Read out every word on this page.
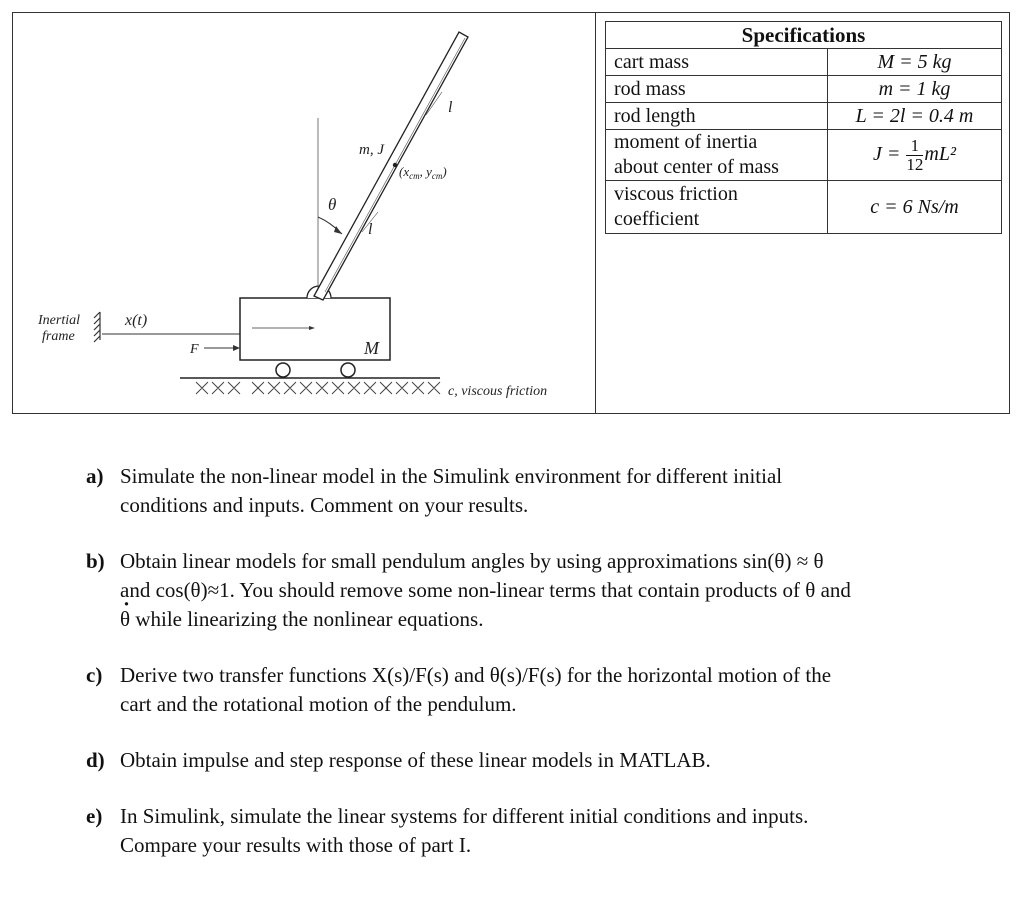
Inertial
frame
x(t)
F	M
c, viscous friction
θ
l
l
m, J
($x_{cm}$, $y_{cm}$)
Specifications	
cart mass	M = 5 kg
rod mass	m = 1 kg
rod length	L = 2l = 0.4 m

moment of inertia
about center of mass	$J = \frac{1}{12} mL^2$

viscous friction
coefficient	c = 6 Ns/m
a) Simulate the non-linear model in the Simulink environment for different initial
conditions and inputs. Comment on your results.
b) Obtain linear models for small pendulum angles by using approximations sin(θ) ≈ θ
and cos(θ)≈1. You should remove some non-linear terms that contain products of θ and
· θ while linearizing the nonlinear equations.
c) Derive two transfer functions X(s)/F(s) and θ(s)/F(s) for the horizontal motion of the
cart and the rotational motion of the pendulum.
d) Obtain impulse and step response of these linear models in MATLAB.
e) In Simulink, simulate the linear systems for different initial conditions and inputs.
Compare your results with those of part I.
